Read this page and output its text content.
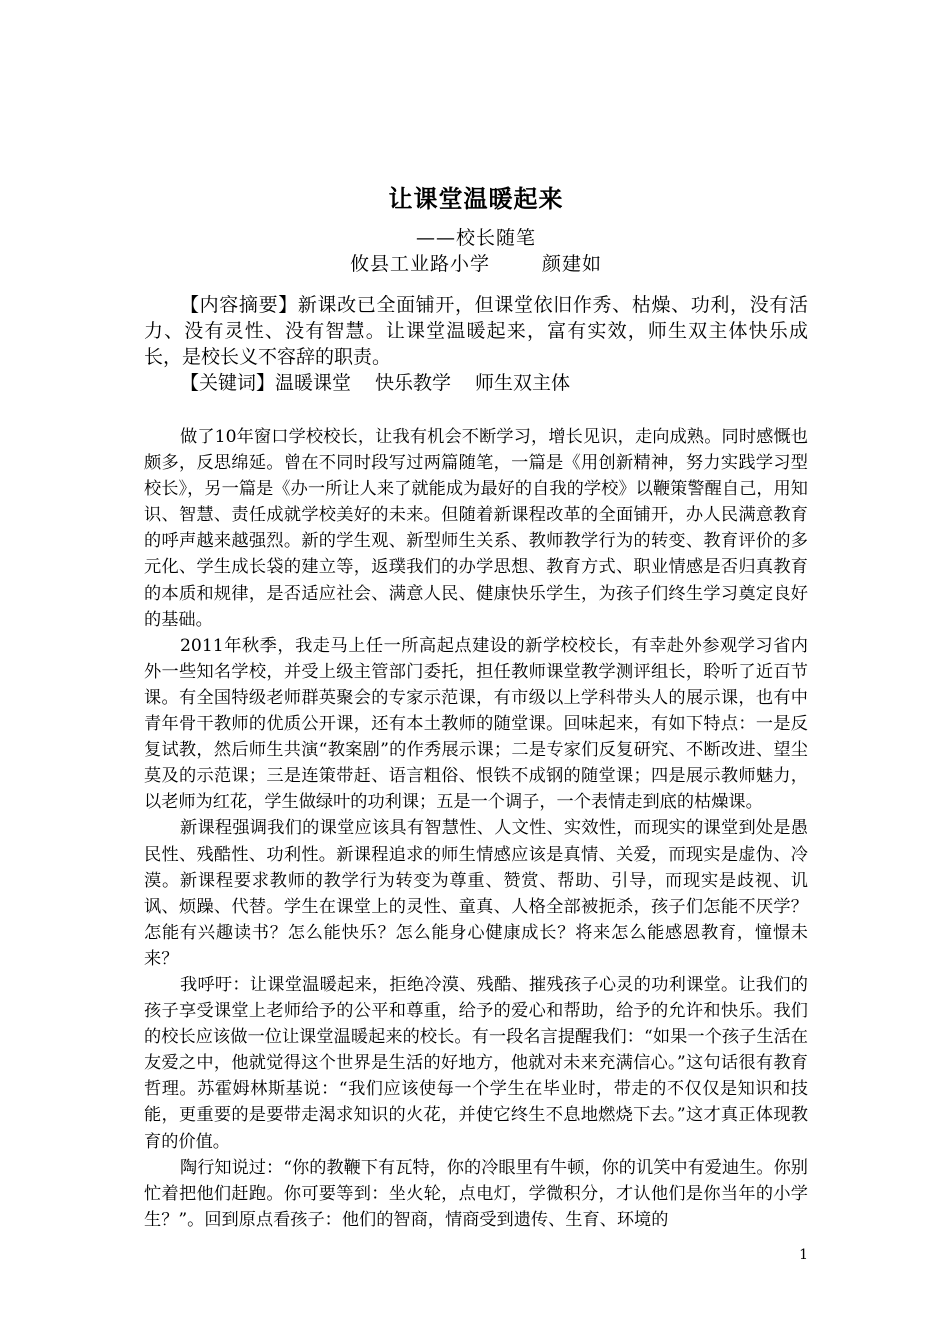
让课堂温暖起来
——校长随笔
攸县工业路小学	颜建如

【内容摘要】新课改已全面铺开，但课堂依旧作秀、枯燥、功利，没有活力、没有灵性、没有智慧。让课堂温暖起来，富有实效，师生双主体快乐成长，是校长义不容辞的职责。

【关键词】温暖课堂 快乐教学 师生双主体

做了10年窗口学校校长，让我有机会不断学习，增长见识，走向成熟。同时感慨也颇多，反思绵延。曾在不同时段写过两篇随笔，一篇是《用创新精神，努力实践学习型校长》，另一篇是《办一所让人来了就能成为最好的自我的学校》以鞭策警醒自己，用知识、智慧、责任成就学校美好的未来。但随着新课程改革的全面铺开，办人民满意教育的呼声越来越强烈。新的学生观、新型师生关系、教师教学行为的转变、教育评价的多元化、学生成长袋的建立等，返璞我们的办学思想、教育方式、职业情感是否归真教育的本质和规律，是否适应社会、满意人民、健康快乐学生，为孩子们终生学习奠定良好的基础。

2011年秋季，我走马上任一所高起点建设的新学校校长，有幸赴外参观学习省内外一些知名学校，并受上级主管部门委托，担任教师课堂教学测评组长，聆听了近百节课。有全国特级老师群英聚会的专家示范课，有市级以上学科带头人的展示课，也有中青年骨干教师的优质公开课，还有本土教师的随堂课。回味起来，有如下特点：一是反复试教，然后师生共演“教案剧”的作秀展示课；二是专家们反复研究、不断改进、望尘莫及的示范课；三是连策带赶、语言粗俗、恨铁不成钢的随堂课；四是展示教师魅力，以老师为红花，学生做绿叶的功利课；五是一个调子，一个表情走到底的枯燥课。

新课程强调我们的课堂应该具有智慧性、人文性、实效性，而现实的课堂到处是愚民性、残酷性、功利性。新课程追求的师生情感应该是真情、关爱，而现实是虚伪、冷漠。新课程要求教师的教学行为转变为尊重、赞赏、帮助、引导，而现实是歧视、讥讽、烦躁、代替。学生在课堂上的灵性、童真、人格全部被扼杀，孩子们怎能不厌学？怎能有兴趣读书？怎么能快乐？怎么能身心健康成长？将来怎么能感恩教育，憧憬未来？

我呼吁：让课堂温暖起来，拒绝冷漠、残酷、摧残孩子心灵的功利课堂。让我们的孩子享受课堂上老师给予的公平和尊重，给予的爱心和帮助，给予的允许和快乐。我们的校长应该做一位让课堂温暖起来的校长。有一段名言提醒我们：“如果一个孩子生活在友爱之中，他就觉得这个世界是生活的好地方，他就对未来充满信心。”这句话很有教育哲理。苏霍姆林斯基说：“我们应该使每一个学生在毕业时，带走的不仅仅是知识和技能，更重要的是要带走渴求知识的火花，并使它终生不息地燃烧下去。”这才真正体现教育的价值。

陶行知说过：“你的教鞭下有瓦特，你的冷眼里有牛顿，你的讥笑中有爱迪生。你别忙着把他们赶跑。你可要等到：坐火轮，点电灯，学微积分，才认他们是你当年的小学生？”。回到原点看孩子：他们的智商，情商受到遗传、生育、环境的

1
